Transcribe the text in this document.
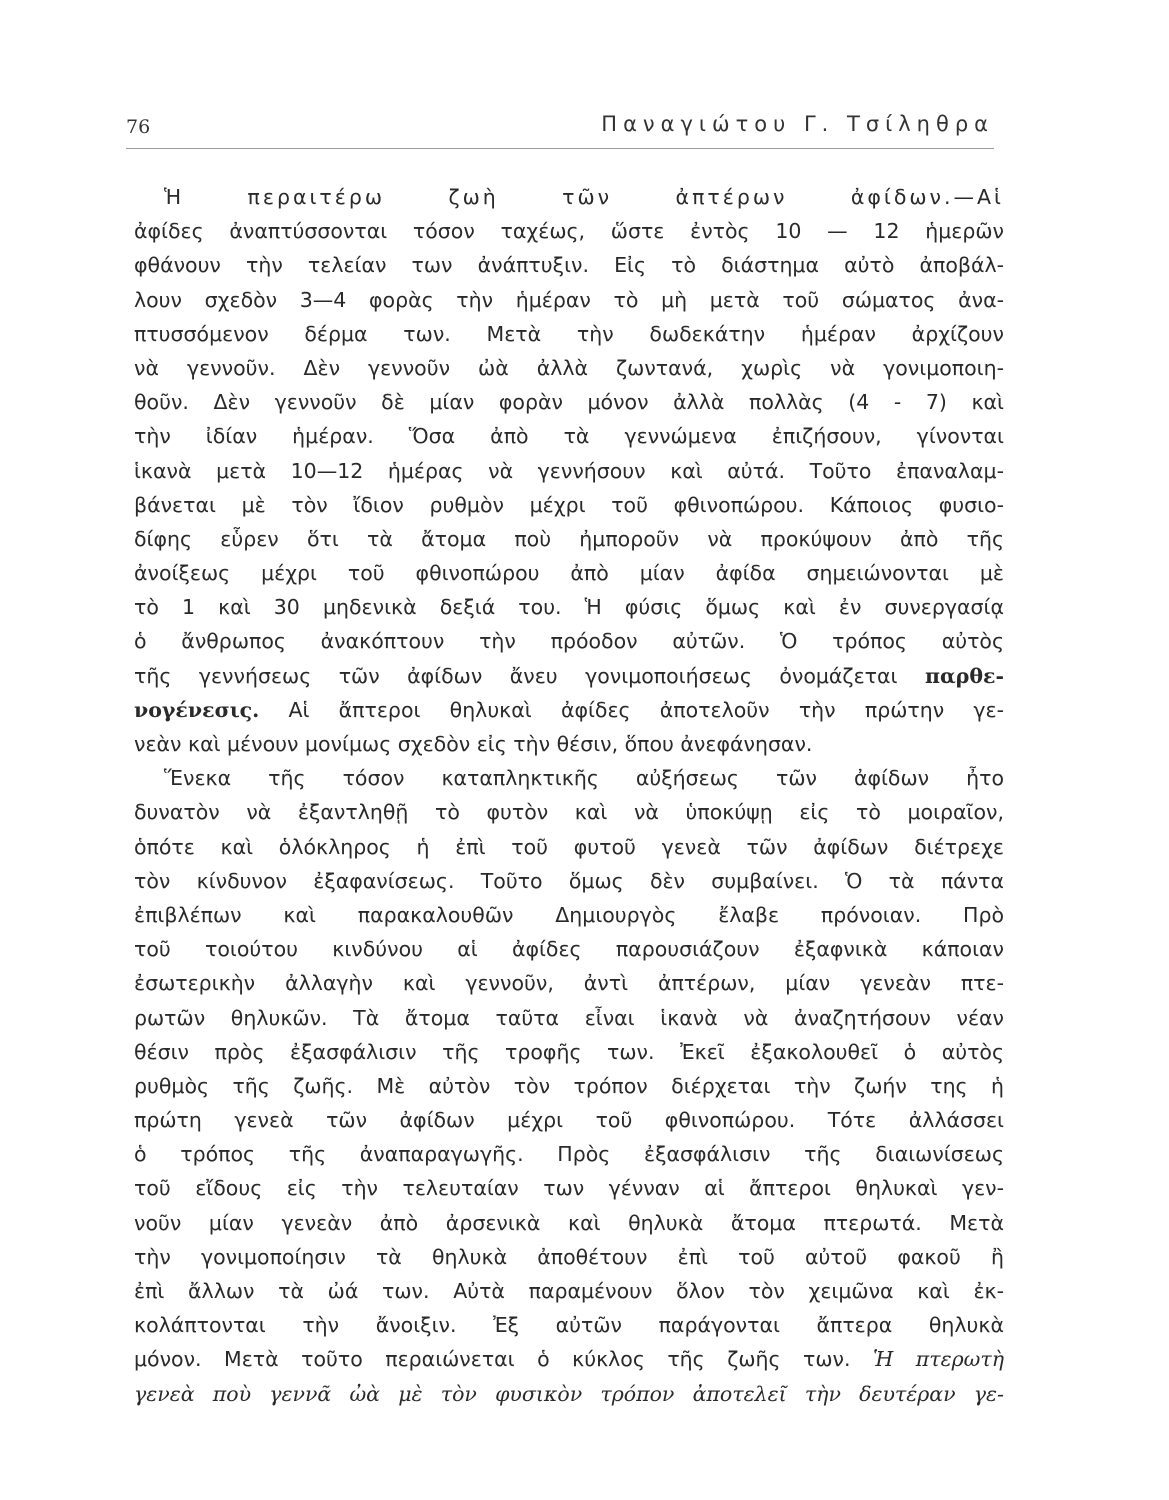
76	Παναγιώτου Γ. Τσίληθρα
Ἡ περαιτέρω ζωὴ τῶν ἀπτέρων ἀφίδων.—Αἱ
ἀφίδες ἀναπτύσσονται τόσον ταχέως, ὥστε ἐντὸς 10 — 12 ἡμερῶν
φθάνουν τὴν τελείαν των ἀνάπτυξιν. Εἰς τὸ διάστημα αὐτὸ ἀποβάλ-
λουν σχεδὸν 3—4 φορὰς τὴν ἡμέραν τὸ μὴ μετὰ τοῦ σώματος ἀνα-
πτυσσόμενον δέρμα των. Μετὰ τὴν δωδεκάτην ἡμέραν ἀρχίζουν
νὰ γεννοῦν. Δὲν γεννοῦν ὠὰ ἀλλὰ ζωντανά, χωρὶς νὰ γονιμοποιη-
θοῦν. Δὲν γεννοῦν δὲ μίαν φορὰν μόνον ἀλλὰ πολλὰς (4 - 7) καὶ
τὴν ἰδίαν ἡμέραν. Ὅσα ἀπὸ τὰ γεννώμενα ἐπιζήσουν, γίνονται
ἱκανὰ μετὰ 10—12 ἡμέρας νὰ γεννήσουν καὶ αὐτά. Τοῦτο ἐπαναλαμ-
βάνεται μὲ τὸν ἴδιον ρυθμὸν μέχρι τοῦ φθινοπώρου. Κάποιος φυσιο-
δίφης εὗρεν ὅτι τὰ ἄτομα ποὺ ἠμποροῦν νὰ προκύψουν ἀπὸ τῆς
ἀνοίξεως μέχρι τοῦ φθινοπώρου ἀπὸ μίαν ἀφίδα σημειώνονται μὲ
τὸ 1 καὶ 30 μηδενικὰ δεξιά του. Ἡ φύσις ὅμως καὶ ἐν συνεργασίᾳ
ὁ ἄνθρωπος ἀνακόπτουν τὴν πρόοδον αὐτῶν. Ὁ τρόπος αὐτὸς
τῆς γεννήσεως τῶν ἀφίδων ἄνευ γονιμοποιήσεως ὀνομάζεται παρθε-
νογένεσις. Αἱ ἄπτεροι θηλυκαὶ ἀφίδες ἀποτελοῦν τὴν πρώτην γε-
νεὰν καὶ μένουν μονίμως σχεδὸν εἰς τὴν θέσιν, ὅπου ἀνεφάνησαν.
Ἕνεκα τῆς τόσον καταπληκτικῆς αὐξήσεως τῶν ἀφίδων ἦτο
δυνατὸν νὰ ἐξαντληθῇ τὸ φυτὸν καὶ νὰ ὑποκύψῃ εἰς τὸ μοιραῖον,
ὁπότε καὶ ὁλόκληρος ἡ ἐπὶ τοῦ φυτοῦ γενεὰ τῶν ἀφίδων διέτρεχε
τὸν κίνδυνον ἐξαφανίσεως. Τοῦτο ὅμως δὲν συμβαίνει. Ὁ τὰ πάντα
ἐπιβλέπων καὶ παρακαλουθῶν Δημιουργὸς ἔλαβε πρόνοιαν. Πρὸ
τοῦ τοιούτου κινδύνου αἱ ἀφίδες παρουσιάζουν ἐξαφνικὰ κάποιαν
ἐσωτερικὴν ἀλλαγὴν καὶ γεννοῦν, ἀντὶ ἀπτέρων, μίαν γενεὰν πτε-
ρωτῶν θηλυκῶν. Τὰ ἄτομα ταῦτα εἶναι ἱκανὰ νὰ ἀναζητήσουν νέαν
θέσιν πρὸς ἐξασφάλισιν τῆς τροφῆς των. Ἐκεῖ ἐξακολουθεῖ ὁ αὐτὸς
ρυθμὸς τῆς ζωῆς. Μὲ αὐτὸν τὸν τρόπον διέρχεται τὴν ζωήν της ἡ
πρώτη γενεὰ τῶν ἀφίδων μέχρι τοῦ φθινοπώρου. Τότε ἀλλάσσει
ὁ τρόπος τῆς ἀναπαραγωγῆς. Πρὸς ἐξασφάλισιν τῆς διαιωνίσεως
τοῦ εἴδους εἰς τὴν τελευταίαν των γένναν αἱ ἄπτεροι θηλυκαὶ γεν-
νοῦν μίαν γενεὰν ἀπὸ ἀρσενικὰ καὶ θηλυκὰ ἄτομα πτερωτά. Μετὰ
τὴν γονιμοποίησιν τὰ θηλυκὰ ἀποθέτουν ἐπὶ τοῦ αὐτοῦ φακοῦ ἢ
ἐπὶ ἄλλων τὰ ὠά των. Αὐτὰ παραμένουν ὅλον τὸν χειμῶνα καὶ ἐκ-
κολάπτονται τὴν ἄνοιξιν. Ἐξ αὐτῶν παράγονται ἄπτερα θηλυκὰ
μόνον. Μετὰ τοῦτο περαιώνεται ὁ κύκλος τῆς ζωῆς των. Ἡ πτερωτὴ
γενεὰ ποὺ γεννᾶ ὠὰ μὲ τὸν φυσικὸν τρόπον ἀποτελεῖ τὴν δευτέραν γε-
